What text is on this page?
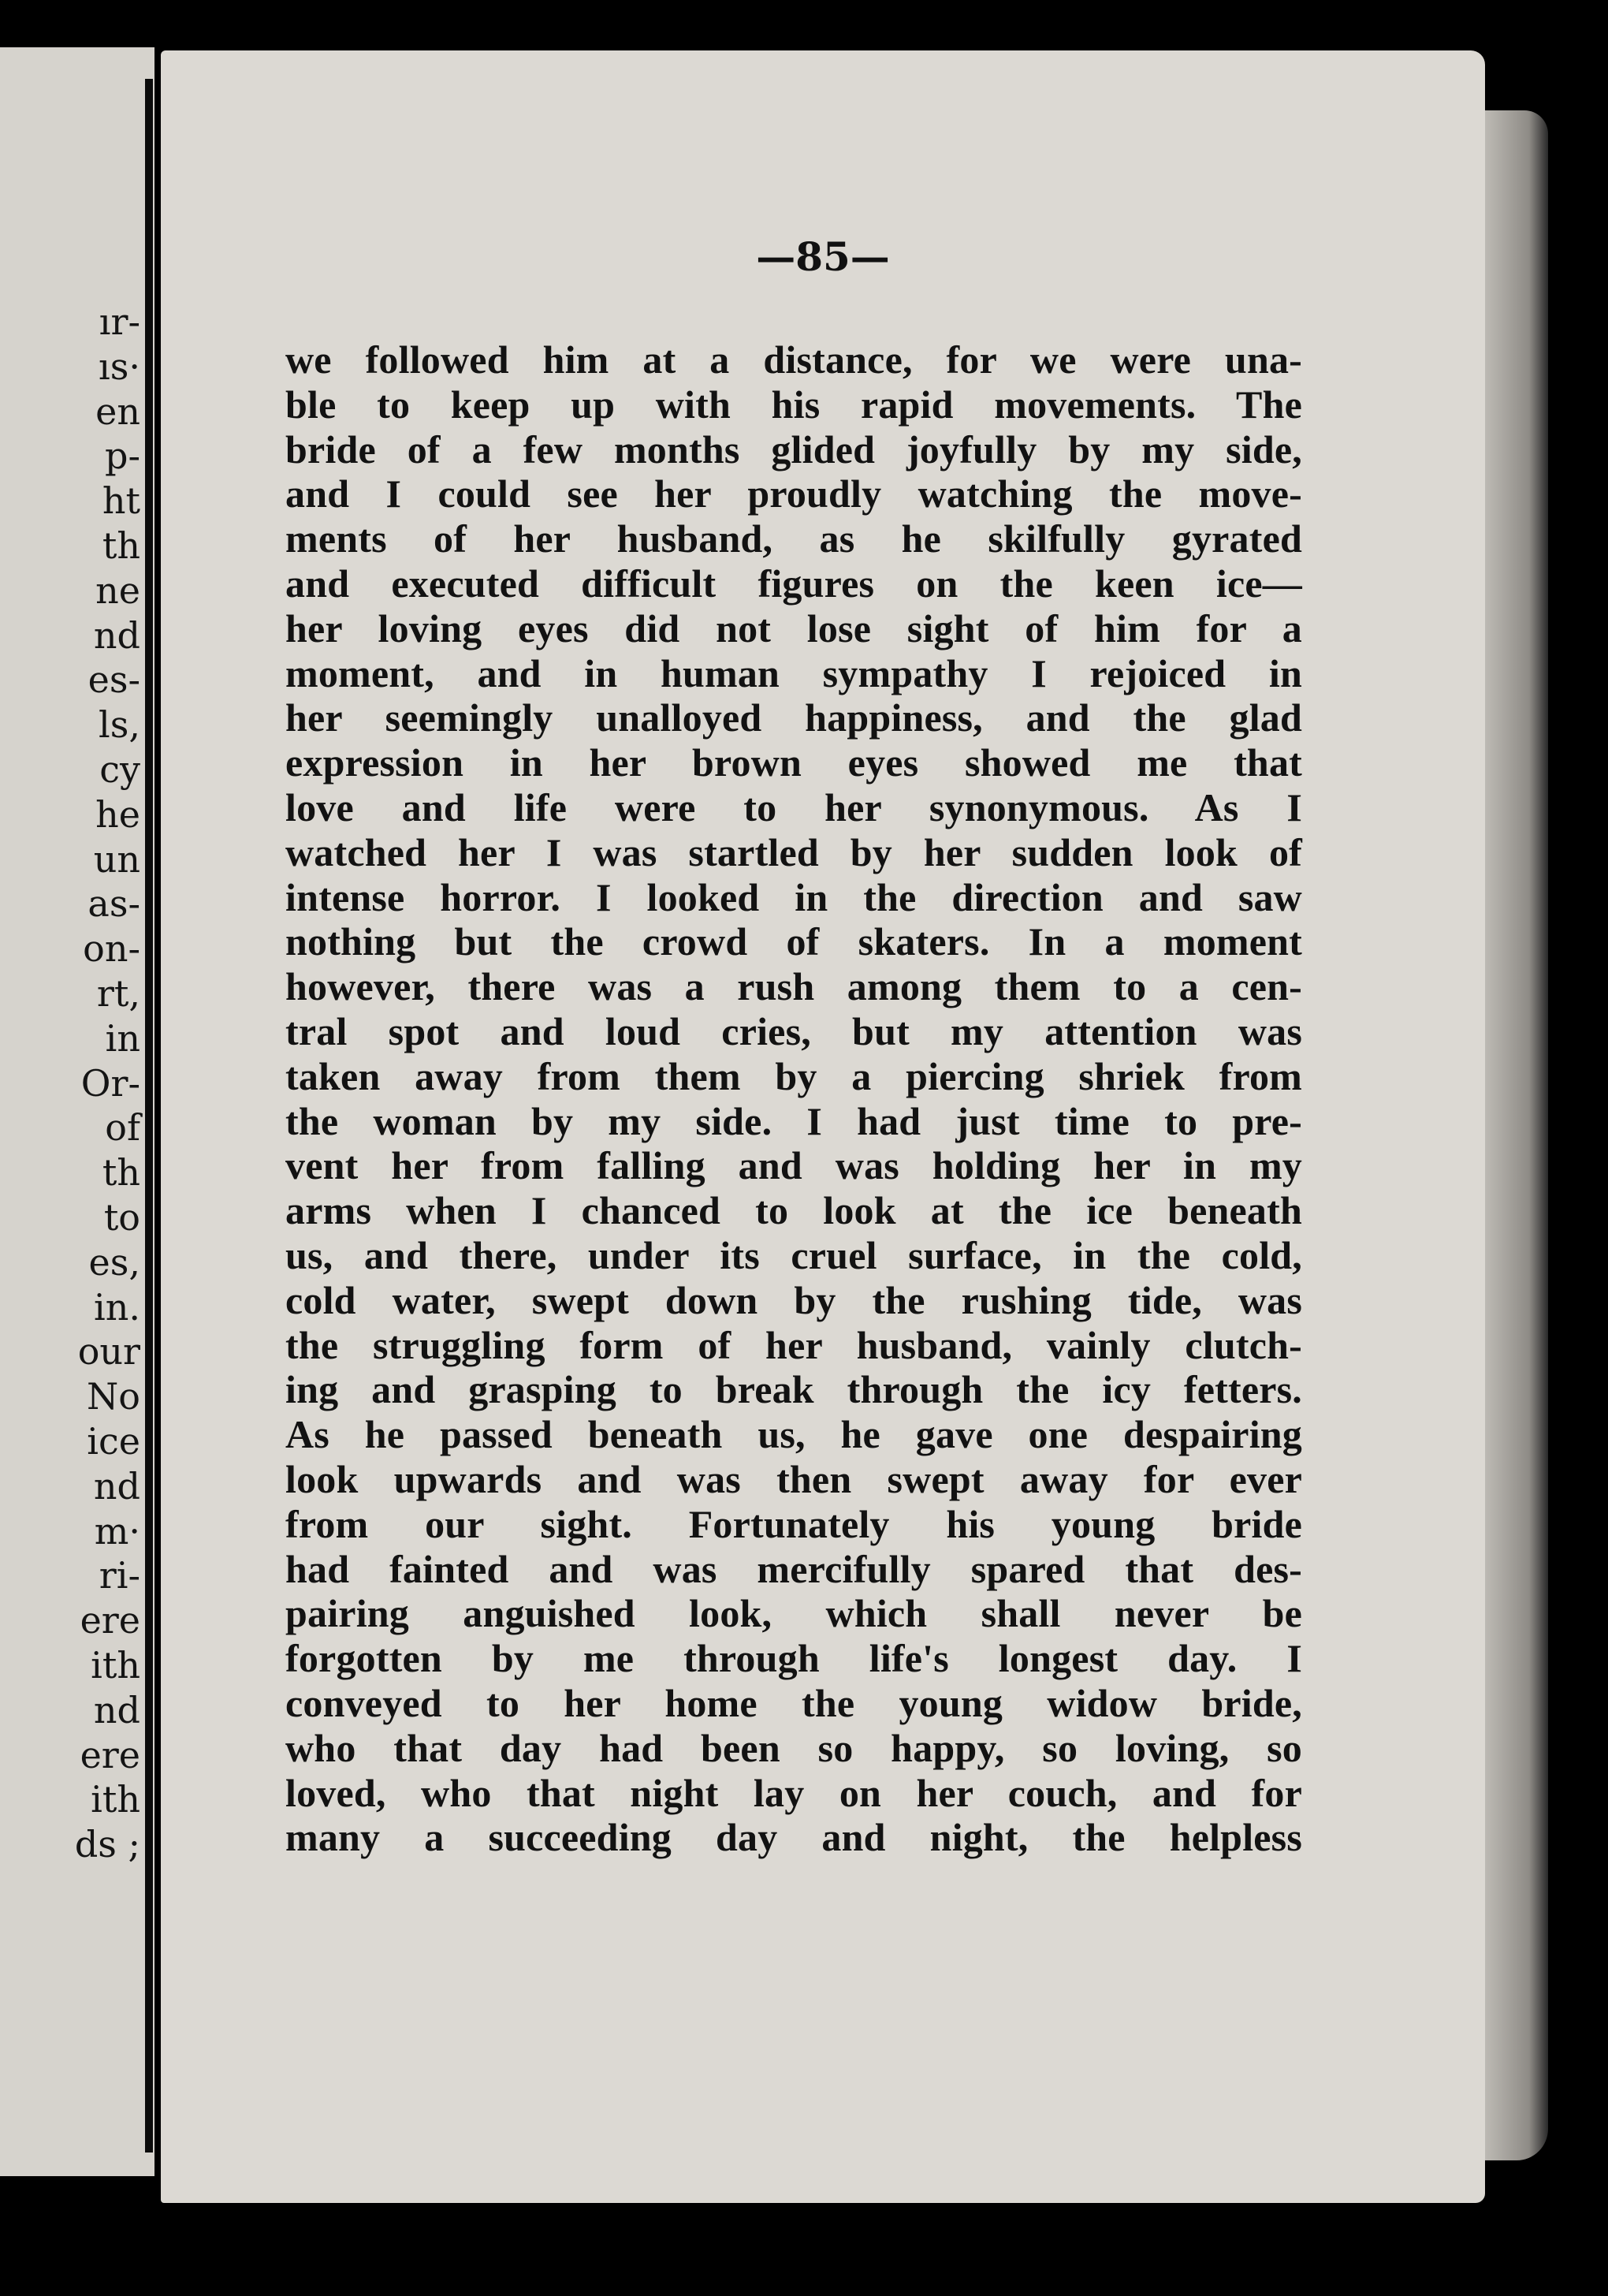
ır-
ıs·
en
p-
ht
th
ne
nd
es-
ls,
cy
he
un
as-
on-
rt,
in
Or-
of
th
to
es,
in.
our
No
ice
nd
m·
ri-
ere
ith
nd
ere
ith
ds ;

—85—

we followed him at a distance, for we were una-
ble to keep up with his rapid movements. The
bride of a few months glided joyfully by my side,
and I could see her proudly watching the move-
ments of her husband, as he skilfully gyrated
and executed difficult figures on the keen ice—
her loving eyes did not lose sight of him for a
moment, and in human sympathy I rejoiced in
her seemingly unalloyed happiness, and the glad
expression in her brown eyes showed me that
love and life were to her synonymous. As I
watched her I was startled by her sudden look of
intense horror. I looked in the direction and saw
nothing but the crowd of skaters. In a moment
however, there was a rush among them to a cen-
tral spot and loud cries, but my attention was
taken away from them by a piercing shriek from
the woman by my side. I had just time to pre-
vent her from falling and was holding her in my
arms when I chanced to look at the ice beneath
us, and there, under its cruel surface, in the cold,
cold water, swept down by the rushing tide, was
the struggling form of her husband, vainly clutch-
ing and grasping to break through the icy fetters.
As he passed beneath us, he gave one despairing
look upwards and was then swept away for ever
from our sight. Fortunately his young bride
had fainted and was mercifully spared that des-
pairing anguished look, which shall never be
forgotten by me through life's longest day. I
conveyed to her home the young widow bride,
who that day had been so happy, so loving, so
loved, who that night lay on her couch, and for
many a succeeding day and night, the helpless
